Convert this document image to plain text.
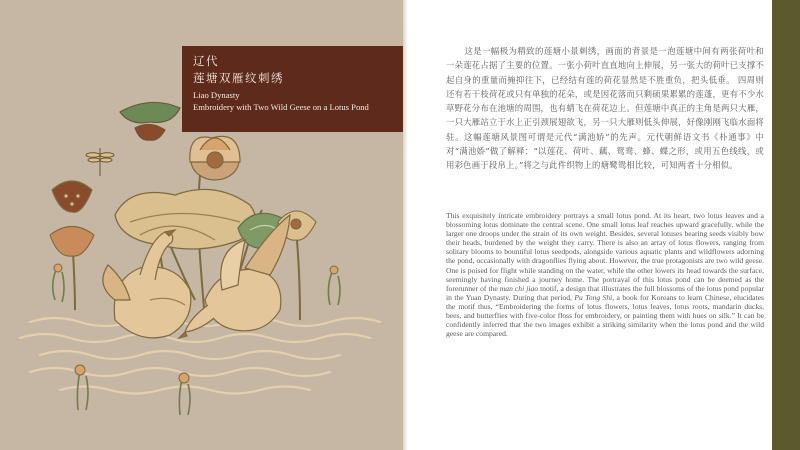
辽代
莲塘双雁纹刺绣
Liao Dynasty
Embroidery with Two Wild Geese on a Lotus Pond

这是一幅极为精致的莲塘小景刺绣，画面的背景是一泡莲塘中间有两张荷叶和一朵莲花占据了主要的位置。一张小荷叶直直地向上伸展，另一张大的荷叶已支撑不起自身的重量而掩抑往下，已经结有莲的荷花显然是不胜重负，把头低垂。 四周则还有若干枝荷花或只有单独的花朵，或是因花落而只剩硕果累累的莲蓬，更有不少水草野花分布在池塘的周围，也有蜻飞在荷花边上。但莲塘中真正的主角是两只大雁，一只大雁站立于水上正引颈展翅欲飞，另一只大雁则低头伸展，好像刚刚飞临水面将驻。这幅莲塘风景图可谓是元代“满池娇”的先声。元代朝鲜语文书《朴通事》中对“满池娇”做了解释：“以莲花、荷叶、藕、鸳鸯、蜂、蝶之形，或用五色线线，或用彩色画于段帛上。”将之与此件织物上的塘鹭鸳相比较，可知两者十分相似。

This exquisitely intricate embroidery portrays a small lotus pond. At its heart, two lotus leaves and a blossoming lotus dominate the central scene. One small lotus leaf reaches upward gracefully, while the larger one droops under the strain of its own weight. Besides, several lotuses bearing seeds visibly bow their heads, burdened by the weight they carry. There is also an array of lotus flowers, ranging from solitary blooms to bountiful lotus seedpods, alongside various aquatic plants and wildflowers adorning the pond, occasionally with dragonflies flying about. However, the true protagonists are two wild geese. One is poised for flight while standing on the water, while the other lowers its head towards the surface, seemingly having finished a journey home. The portrayal of this lotus pond can be deemed as the forerunner of the man chi jiao motif, a design that illustrates the full blossoms of the lotus pond popular in the Yuan Dynasty. During that period, Pu Tong Shi, a book for Koreans to learn Chinese, elucidates the motif thus, “Embroidering the forms of lotus flowers, lotus leaves, lotus roots, mandarin ducks, bees, and butterflies with five-color floss for embroidery, or painting them with hues on silk.” It can be confidently inferred that the two images exhibit a striking similarity when the lotus pond and the wild geese are compared.
